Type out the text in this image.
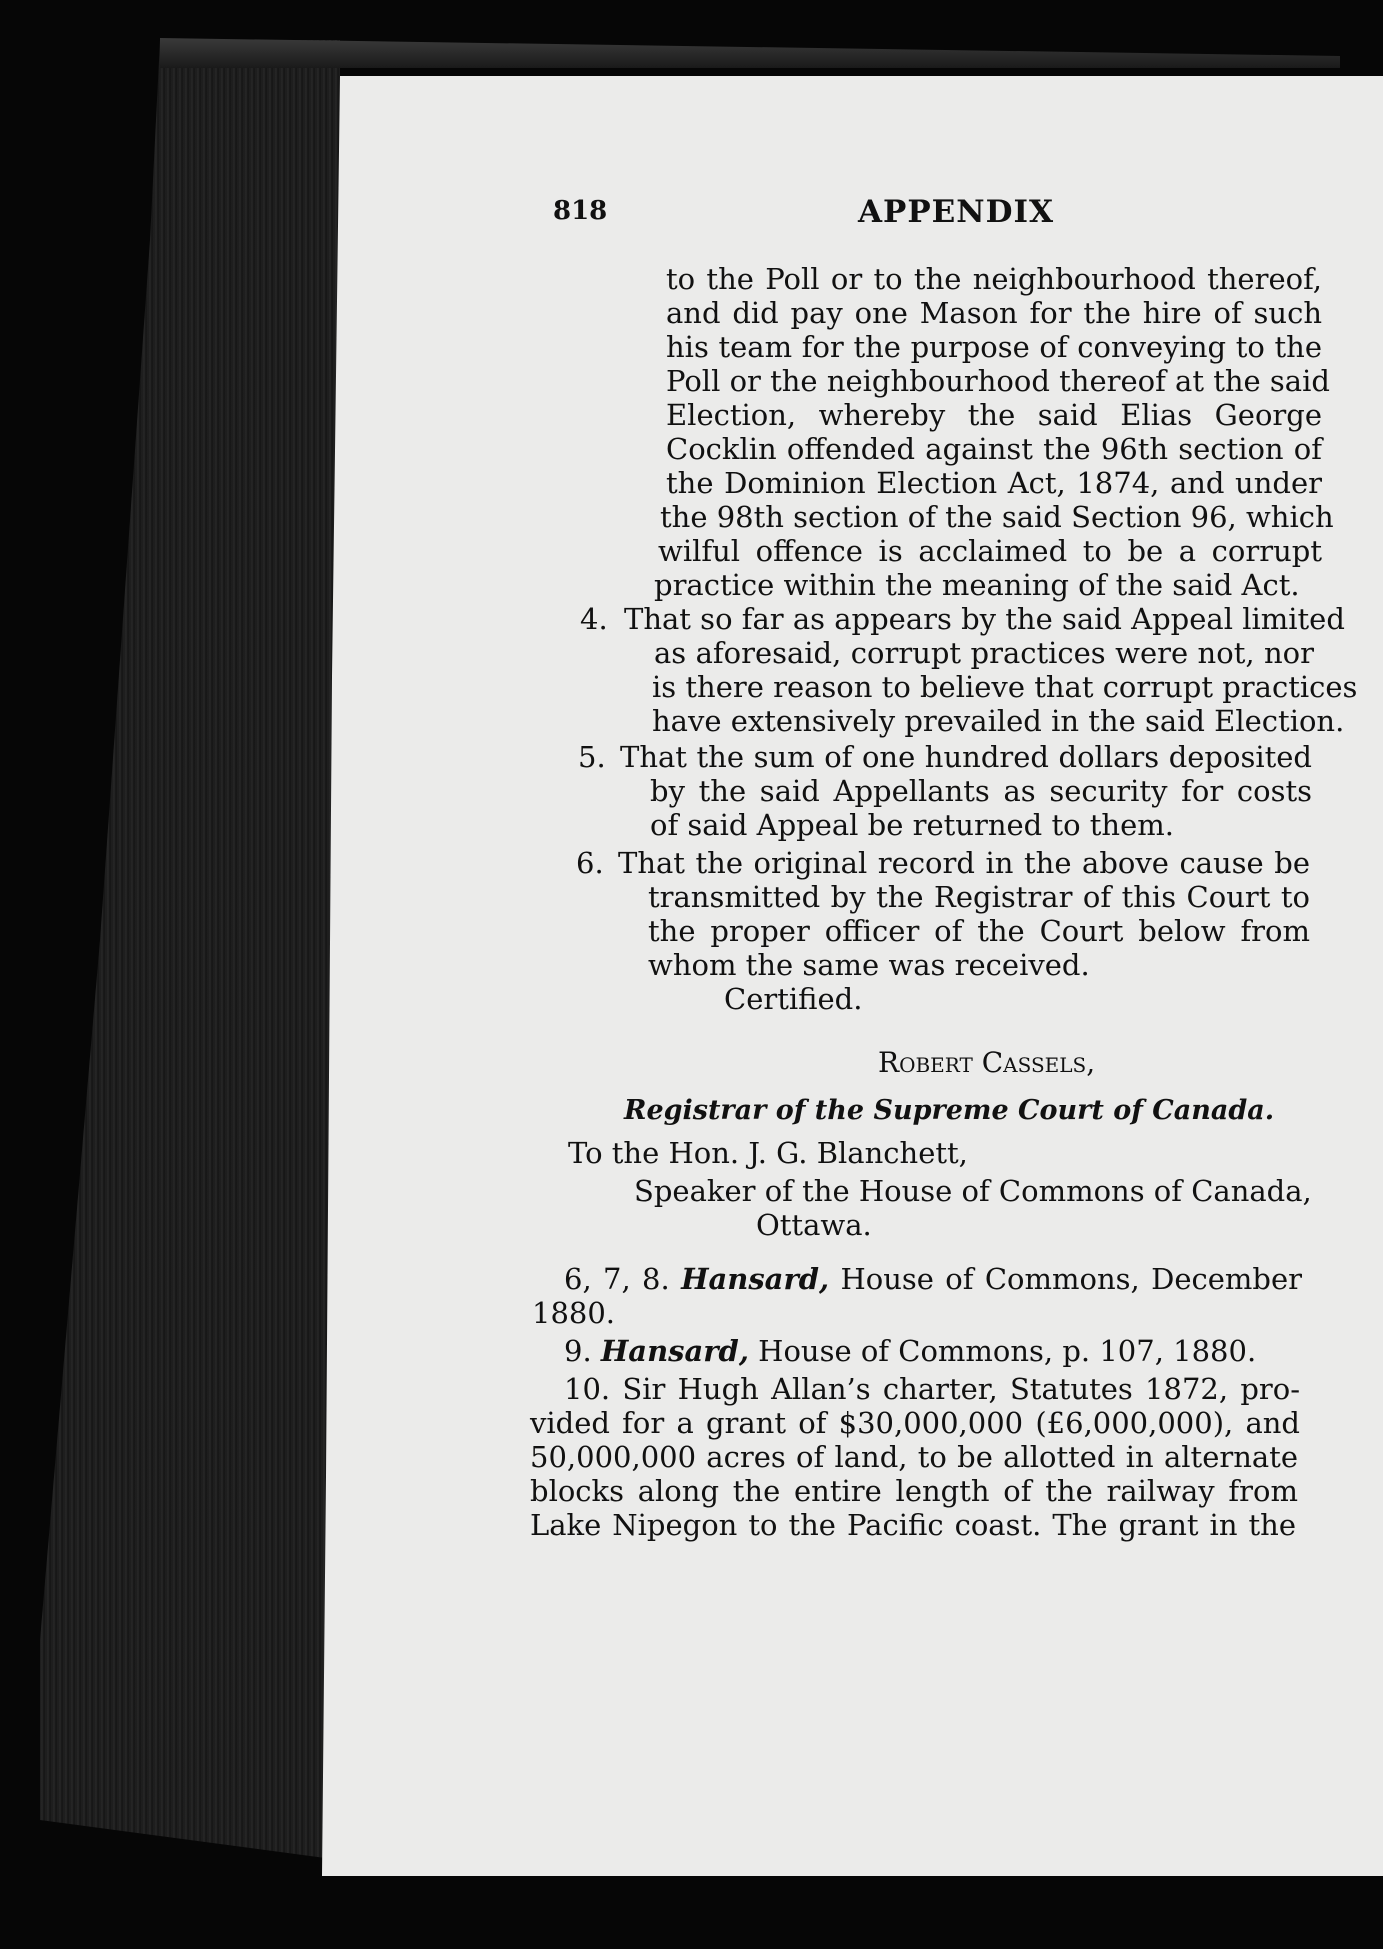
818	APPENDIX
to the Poll or to the neighbourhood thereof,
and did pay one Mason for the hire of such
his team for the purpose of conveying to the
Poll or the neighbourhood thereof at the said
Election, whereby the said Elias George
Cocklin offended against the 96th section of
the Dominion Election Act, 1874, and under
the 98th section of the said Section 96, which
wilful offence is acclaimed to be a corrupt
practice within the meaning of the said Act.
4. That so far as appears by the said Appeal limited
as aforesaid, corrupt practices were not, nor
is there reason to believe that corrupt practices
have extensively prevailed in the said Election.
5. That the sum of one hundred dollars deposited
by the said Appellants as security for costs
of said Appeal be returned to them.
6. That the original record in the above cause be
transmitted by the Registrar of this Court to
the proper officer of the Court below from
whom the same was received.
Certified.
Robert Cassels,
Registrar of the Supreme Court of Canada.
To the Hon. J. G. Blanchett,
Speaker of the House of Commons of Canada,
Ottawa.
6, 7, 8. Hansard, House of Commons, December
1880.
9. Hansard, House of Commons, p. 107, 1880.
10. Sir Hugh Allan’s charter, Statutes 1872, pro-
vided for a grant of $30,000,000 (£6,000,000), and
50,000,000 acres of land, to be allotted in alternate
blocks along the entire length of the railway from
Lake Nipegon to the Pacific coast. The grant in the
